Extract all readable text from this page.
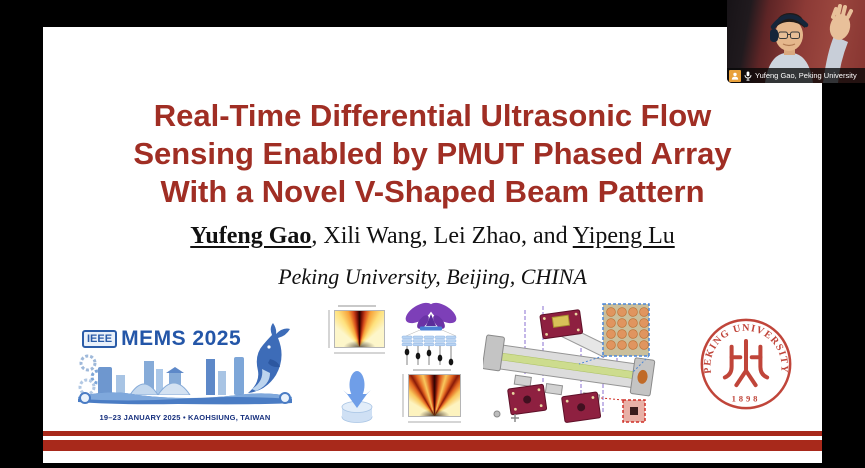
Real-Time Differential Ultrasonic Flow
Sensing Enabled by PMUT Phased Array
With a Novel V-Shaped Beam Pattern
Yufeng Gao, Xili Wang, Lei Zhao, and Yipeng Lu
Peking University, Beijing, CHINA
IEEE MEMS 2025
19–23 JANUARY 2025 • KAOHSIUNG, TAIWAN
PEKING UNIVERSITY
1898
Yufeng Gao, Peking University
